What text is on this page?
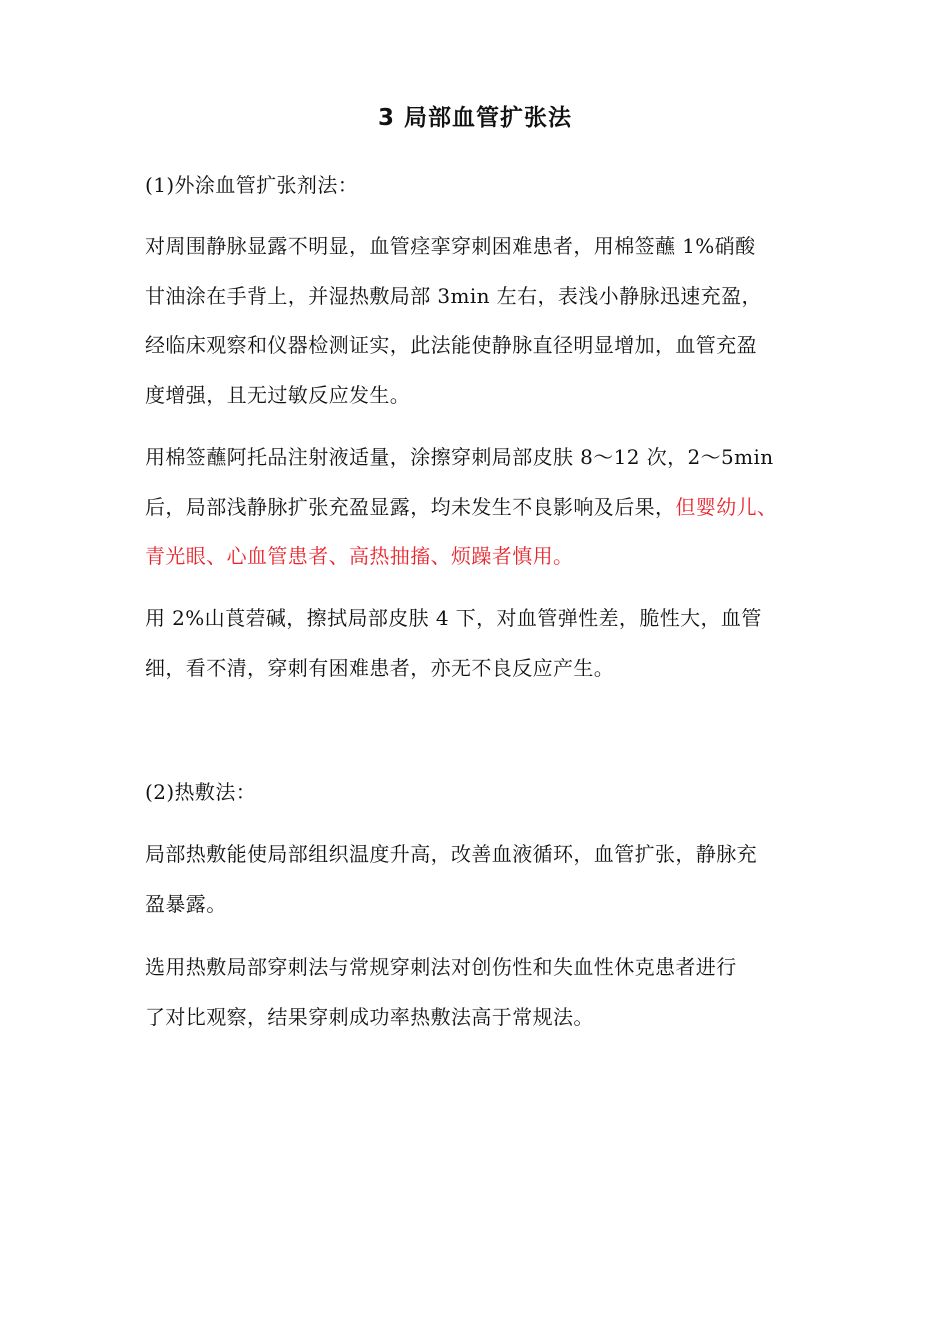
3 局部血管扩张法
(1)外涂血管扩张剂法：
对周围静脉显露不明显，血管痉挛穿刺困难患者，用棉签蘸 1%硝酸
甘油涂在手背上，并湿热敷局部 3min 左右，表浅小静脉迅速充盈，
经临床观察和仪器检测证实，此法能使静脉直径明显增加，血管充盈
度增强，且无过敏反应发生。
用棉签蘸阿托品注射液适量，涂擦穿刺局部皮肤 8～12 次，2～5min
后，局部浅静脉扩张充盈显露，均未发生不良影响及后果，但婴幼儿、
青光眼、心血管患者、高热抽搐、烦躁者慎用。
用 2%山莨菪碱，擦拭局部皮肤 4 下，对血管弹性差，脆性大，血管
细，看不清，穿刺有困难患者，亦无不良反应产生。
(2)热敷法：
局部热敷能使局部组织温度升高，改善血液循环，血管扩张，静脉充
盈暴露。
选用热敷局部穿刺法与常规穿刺法对创伤性和失血性休克患者进行
了对比观察，结果穿刺成功率热敷法高于常规法。
